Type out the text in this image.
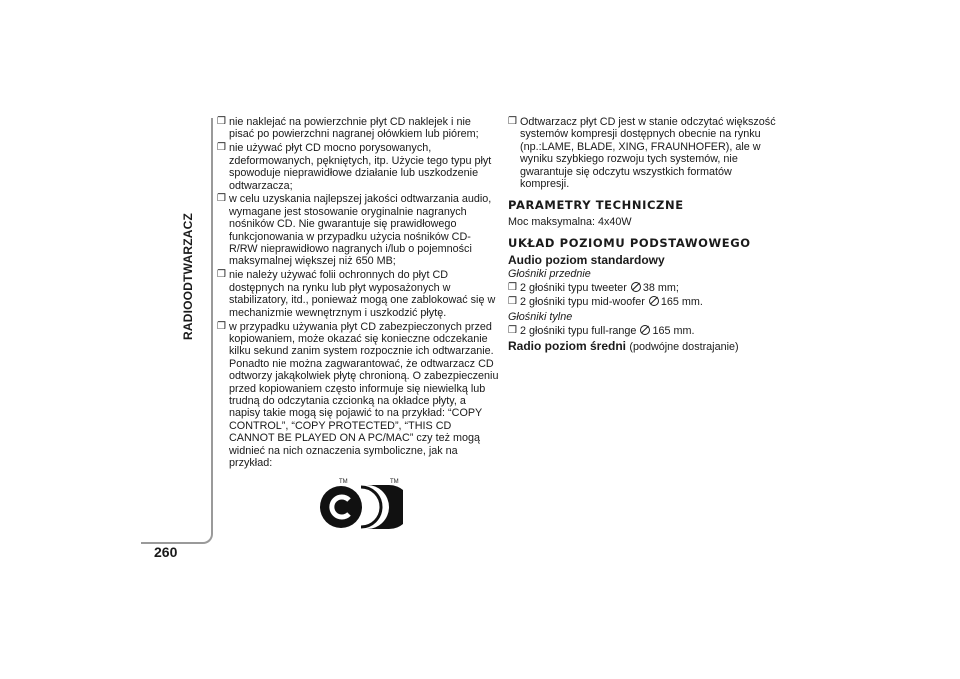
RADIOODTWARZACZ
260
❒ nie naklejać na powierzchnie płyt CD naklejek i nie pisać po powierzchni nagranej ołówkiem lub piórem;
❒ nie używać płyt CD mocno porysowanych, zdeformowanych, pękniętych, itp. Użycie tego typu płyt spowoduje nieprawidłowe działanie lub uszkodzenie odtwarzacza;
❒ w celu uzyskania najlepszej jakości odtwarzania audio, wymagane jest stosowanie oryginalnie nagranych nośników CD. Nie gwarantuje się prawidłowego funkcjonowania w przypadku użycia nośników CD-R/RW nieprawidłowo nagranych i/lub o pojemności maksymalnej większej niż 650 MB;
❒ nie należy używać folii ochronnych do płyt CD dostępnych na rynku lub płyt wyposażonych w stabilizatory, itd., ponieważ mogą one zablokować się w mechanizmie wewnętrznym i uszkodzić płytę.
❒ w przypadku używania płyt CD zabezpieczonych przed kopiowaniem, może okazać się konieczne odczekanie kilku sekund zanim system rozpocznie ich odtwarzanie. Ponadto nie można zagwarantować, że odtwarzacz CD odtworzy jakąkolwiek płytę chronioną. O zabezpieczeniu przed kopiowaniem często informuje się niewielką lub trudną do odczytania czcionką na okładce płyty, a napisy takie mogą się pojawić to na przykład: “COPY CONTROL”, “COPY PROTECTED”, “THIS CD CANNOT BE PLAYED ON A PC/MAC” czy też mogą widnieć na nich oznaczenia symboliczne, jak na przykład:
TM	TM
❒ Odtwarzacz płyt CD jest w stanie odczytać większość systemów kompresji dostępnych obecnie na rynku (np.:LAME, BLADE, XING, FRAUNHOFER), ale w wyniku szybkiego rozwoju tych systemów, nie gwarantuje się odczytu wszystkich formatów kompresji.
PARAMETRY TECHNICZNE
Moc maksymalna: 4x40W
UKŁAD POZIOMU PODSTAWOWEGO
Audio poziom standardowy
Głośniki przednie
❒ 2 głośniki typu tweeter 38 mm;
❒ 2 głośniki typu mid-woofer 165 mm.
Głośniki tylne
❒ 2 głośniki typu full-range 165 mm.
Radio poziom średni (podwójne dostrajanie)
